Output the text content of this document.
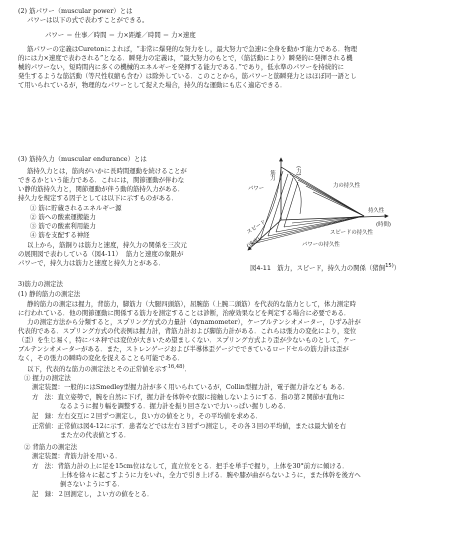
(2) 筋パワー（muscular power）とは
パワーは以下の式で表わすことができる。
パワー ＝ 仕事／時間 ＝ 力×距離／時間 ＝ 力×速度
筋パワーの定義はCuretonによれば，“非常に爆発的な努力をし，最大努力で急速に全身を動かす能力である．物理
的には力×速度で表わされる”となる．瞬発力の定義は，“最大努力のもとで，（筋活動により）瞬発的に発揮される機
械的パワーない，短時間内に多くの機械的エネルギーを発揮する能力である．”であり，低水準のパワーを持続的に
発生するような筋活動（等尺性収縮も含む）は除外している．このことから，筋パワーと筋瞬発力とはほぼ同一語とし
て用いられているが，物理的なパワーとして捉えた場合，持久的な運動にも広く適応できる．
(3) 筋持久力（muscular endurance）とは
筋持久力とは，筋肉がいかに長時間運動を続けることが
できるかという能力である．これには，関節運動が伴わな
い静的筋持久力と，関節運動が伴う動的筋持久力がある．
持久力を規定する因子としては以下に示すものがある．
① 筋に貯蔵されるエネルギー源
② 筋への酸素運搬能力
③ 筋での酸素利用能力
④ 筋を支配する神経
以上から，筋銅りは筋力と速度，持久力の関係を三次元
の展開図で表わしている（図4-11） 筋力と速度の象限が
パワーで，持久力は筋力と速度と持久力とがある．
筋力	(力)
パワー	力の持久性
持久性
(時間)
スピードの持久性
パワーの持久性
スピード
(速度)
図4-11　筋力，スピード，持久力の関係（猪飼$^{15)}$）
3)筋力の測定法
(1) 静的筋力の測定法
静的筋力の測定は握力，背筋力，脚筋力（大腿四頭筋），屈腕筋（上腕二頭筋）を代表的な筋力として，体力測定時
に行われている．他の関節運動に関係する筋力を測定することは診断，治療効果などを判定する場合に必要である．
力の測定方法から分類すると，スプリング方式の力量計（dynamometer），ケーブルテンシオメーター，ひずみ計が
代表的である．スプリング方式の代表例は握力計，背筋力計および脚筋力計がある．これらは張力の変化により，変位
（歪）を生じ易く，特にバネ秤では変位が大きいため望ましくない．スプリング方式より歪が少ないものとして，ケー
ブルテンシオメーターがある．また，ストレンゲージおよび半導体歪ゲージでできているロードセルの筋力計は歪が
なく，その張力の瞬時の変化を捉えることも可能である．
以下，代表的な筋力の測定法とその正常値を示す$^{16,48)}$．
① 握力の測定法
測定装置：一般的にはSmedley型握力計が多く用いられているが，Collin型握力計，電子握力計なども ある．
方　法：直立姿勢で，腕を自然に下げ，握力計を体幹や衣服に接触しないようにする．指の第２関節が直角に
なるように握り幅を調整する．握力計を振り回さないで力いっぱい握りしめる．
記　録：左右交互に２回ずつ測定し，良い方の値をとり，その平均値を求める．
正常値：正常値は図4-12に示す．患者などでは左右３回ずつ測定し，その各３回の平均値，または最大値を右
また左の代表値とする．
② 背筋力の測定法
測定装置：背筋力計を用いる．
方　法：背筋力計の上に足を15cm位はなして，直立位をとる．把手を単手で握り，上体を30°前方に傾ける．
上体を徐々に起こすように力をいれ，全力で引き上げる．腕や膝が曲がらないように，また体幹を後方へ
倒さないようにする．
記　録：２回測定し，よい方の値をとる．
